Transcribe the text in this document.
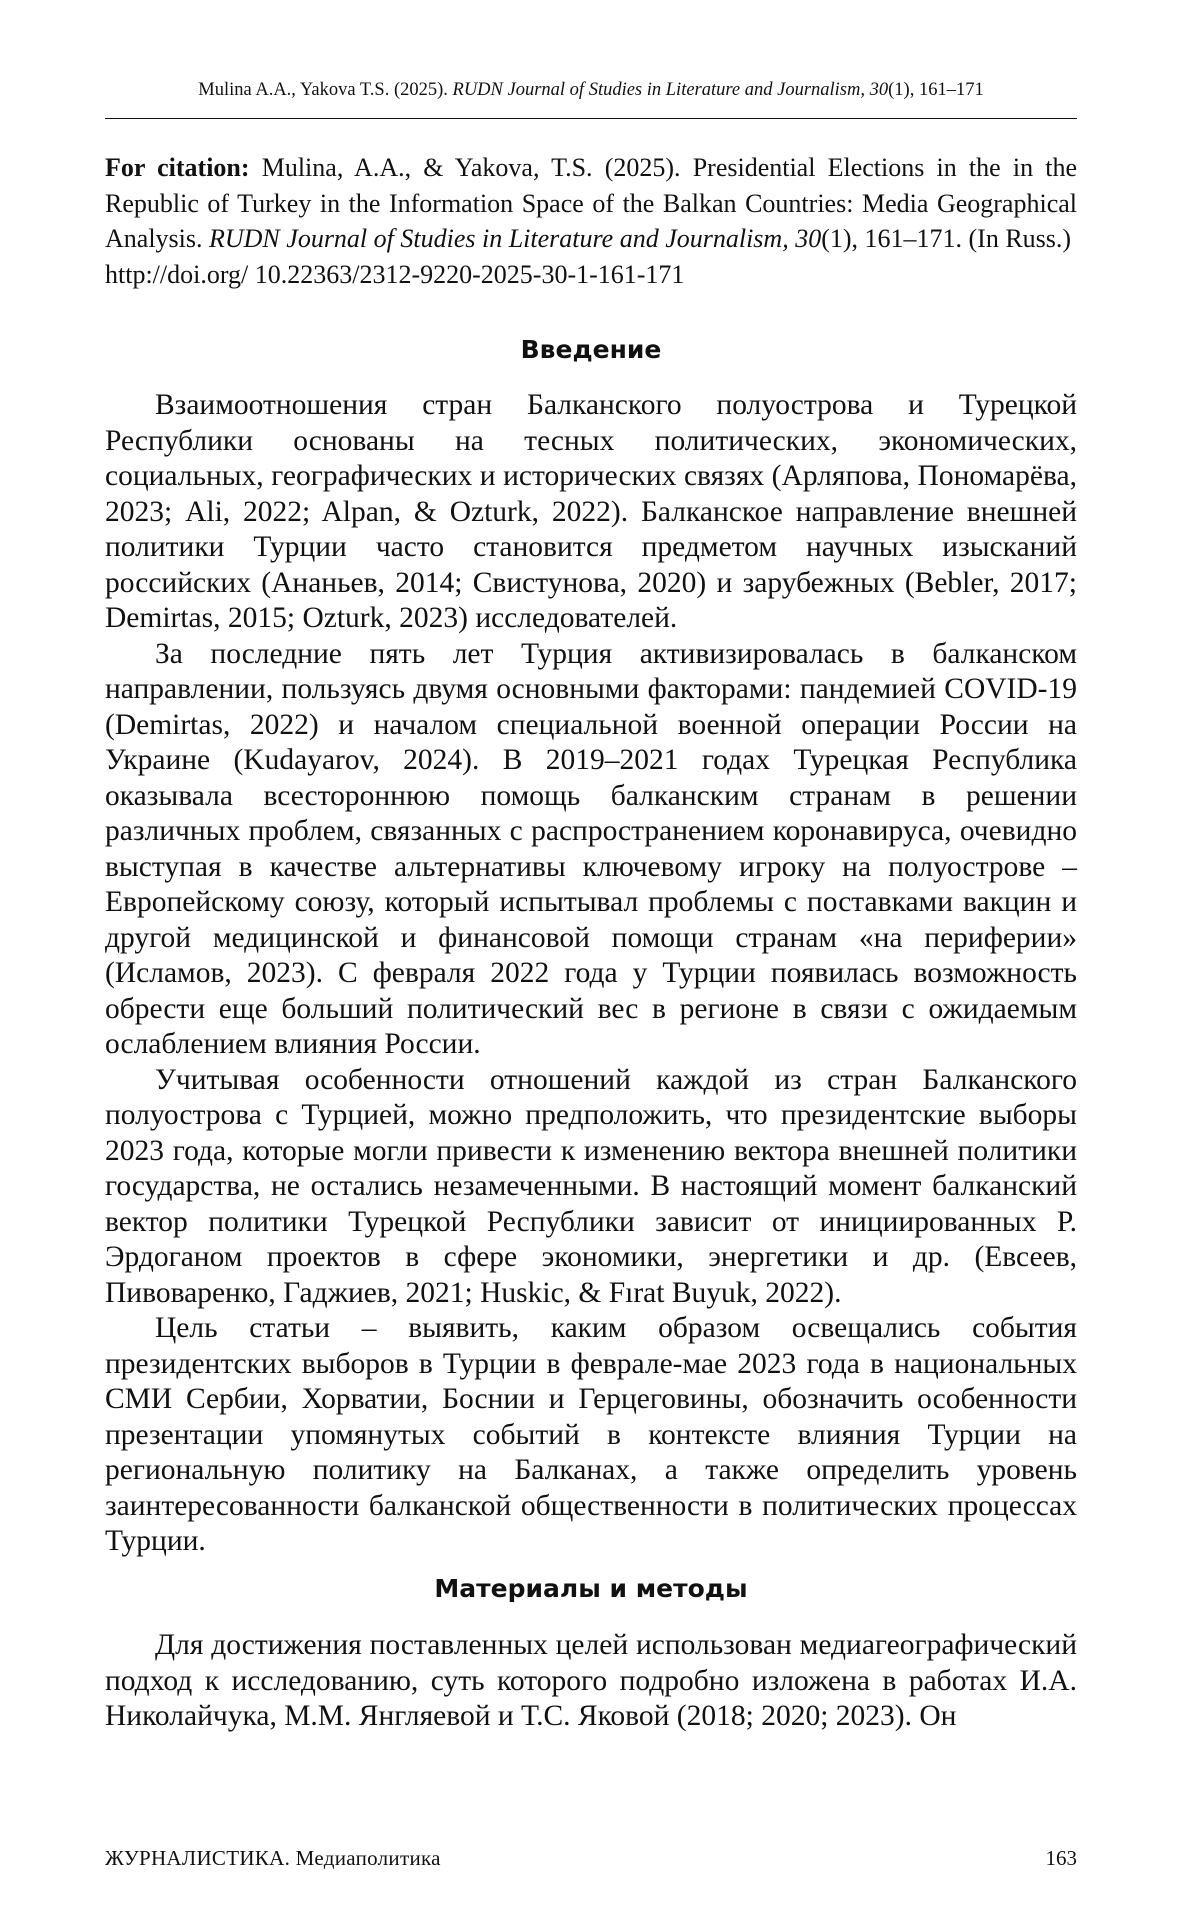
Mulina A.A., Yakova T.S. (2025). RUDN Journal of Studies in Literature and Journalism, 30(1), 161–171
For citation: Mulina, A.A., & Yakova, T.S. (2025). Presidential Elections in the in the Republic of Turkey in the Information Space of the Balkan Countries: Media Geographical Analysis. RUDN Journal of Studies in Literature and Journalism, 30(1), 161–171. (In Russ.)
http://doi.org/ 10.22363/2312-9220-2025-30-1-161-171
Введение

Взаимоотношения стран Балканского полуострова и Турецкой Республики основаны на тесных политических, экономических, социальных, географических и исторических связях (Арляпова, Пономарёва, 2023; Ali, 2022; Alpan, & Ozturk, 2022). Балканское направление внешней политики Турции часто становится предметом научных изысканий российских (Ананьев, 2014; Свистунова, 2020) и зарубежных (Bebler, 2017; Demirtas, 2015; Ozturk, 2023) исследователей.

За последние пять лет Турция активизировалась в балканском направлении, пользуясь двумя основными факторами: пандемией COVID-19 (Demirtas, 2022) и началом специальной военной операции России на Украине (Kudayarov, 2024). В 2019–2021 годах Турецкая Республика оказывала всестороннюю помощь балканским странам в решении различных проблем, связанных с распространением коронавируса, очевидно выступая в качестве альтернативы ключевому игроку на полуострове – Европейскому союзу, который испытывал проблемы с поставками вакцин и другой медицинской и финансовой помощи странам «на периферии» (Исламов, 2023). С февраля 2022 года у Турции появилась возможность обрести еще больший политический вес в регионе в связи с ожидаемым ослаблением влияния России.

Учитывая особенности отношений каждой из стран Балканского полуострова с Турцией, можно предположить, что президентские выборы 2023 года, которые могли привести к изменению вектора внешней политики государства, не остались незамеченными. В настоящий момент балканский вектор политики Турецкой Республики зависит от инициированных Р. Эрдоганом проектов в сфере экономики, энергетики и др. (Евсеев, Пивоваренко, Гаджиев, 2021; Huskic, & Fırat Buyuk, 2022).

Цель статьи – выявить, каким образом освещались события президентских выборов в Турции в феврале-мае 2023 года в национальных СМИ Сербии, Хорватии, Боснии и Герцеговины, обозначить особенности презентации упомянутых событий в контексте влияния Турции на региональную политику на Балканах, а также определить уровень заинтересованности балканской общественности в политических процессах Турции.

Материалы и методы

Для достижения поставленных целей использован медиагеографический подход к исследованию, суть которого подробно изложена в работах И.А. Николайчука, М.М. Янгляевой и Т.С. Яковой (2018; 2020; 2023). Он

ЖУРНАЛИСТИКА. Медиаполитика	163
